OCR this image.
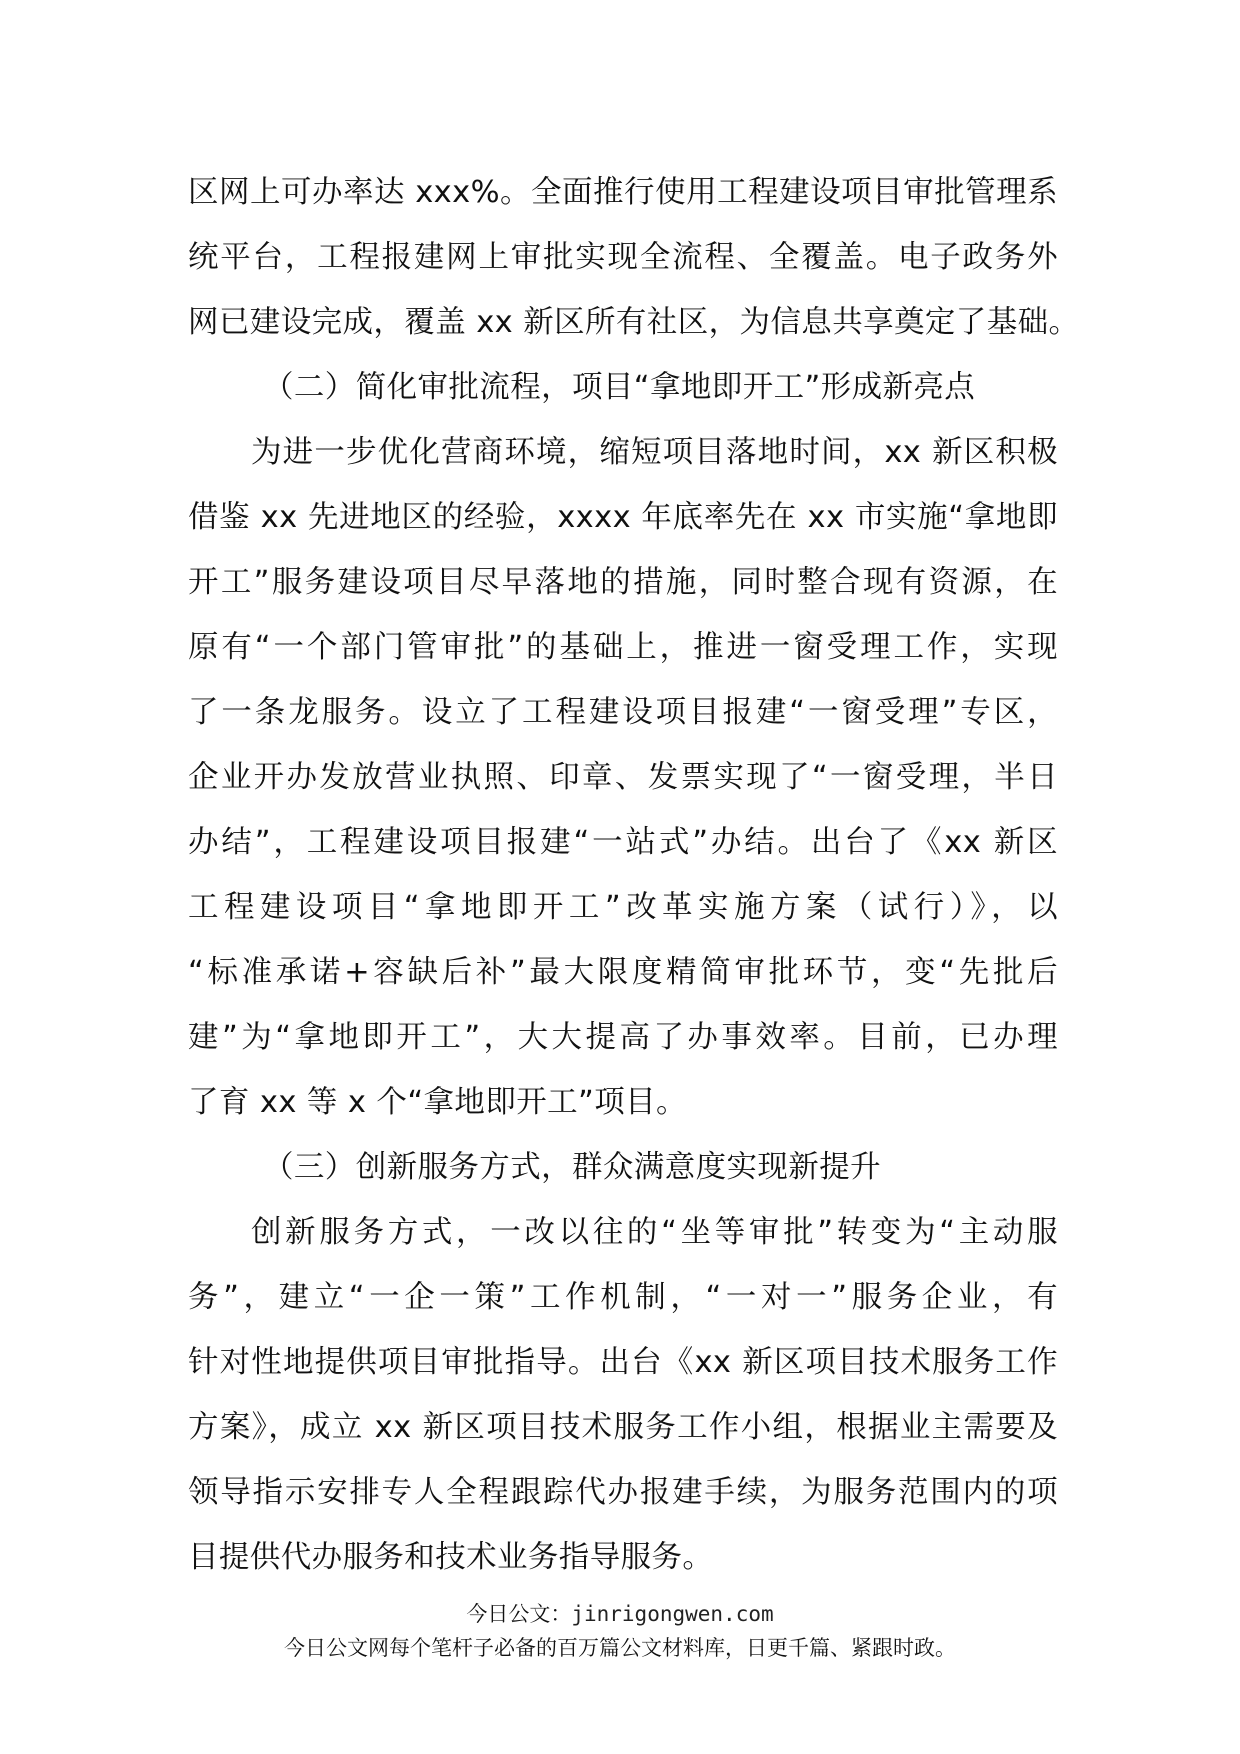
区网上可办率达 xxx%。全面推行使用工程建设项目审批管理系
统平台，工程报建网上审批实现全流程、全覆盖。电子政务外
网已建设完成，覆盖 xx 新区所有社区，为信息共享奠定了基础。
（二）简化审批流程，项目“拿地即开工”形成新亮点
为进一步优化营商环境，缩短项目落地时间，xx 新区积极
借鉴 xx 先进地区的经验，xxxx 年底率先在 xx 市实施“拿地即
开工”服务建设项目尽早落地的措施，同时整合现有资源，在
原有“一个部门管审批”的基础上，推进一窗受理工作，实现
了一条龙服务。设立了工程建设项目报建“一窗受理”专区，
企业开办发放营业执照、印章、发票实现了“一窗受理，半日
办结”，工程建设项目报建“一站式”办结。出台了《xx 新区
工程建设项目“拿地即开工”改革实施方案（试行）》，以
“标准承诺+容缺后补”最大限度精简审批环节，变“先批后
建”为“拿地即开工”，大大提高了办事效率。目前，已办理
了育 xx 等 x 个“拿地即开工”项目。
（三）创新服务方式，群众满意度实现新提升
创新服务方式，一改以往的“坐等审批”转变为“主动服
务”，建立“一企一策”工作机制，“一对一”服务企业，有
针对性地提供项目审批指导。出台《xx 新区项目技术服务工作
方案》，成立 xx 新区项目技术服务工作小组，根据业主需要及
领导指示安排专人全程跟踪代办报建手续，为服务范围内的项
目提供代办服务和技术业务指导服务。
今日公文：jinrigongwen.com
今日公文网每个笔杆子必备的百万篇公文材料库，日更千篇、紧跟时政。
